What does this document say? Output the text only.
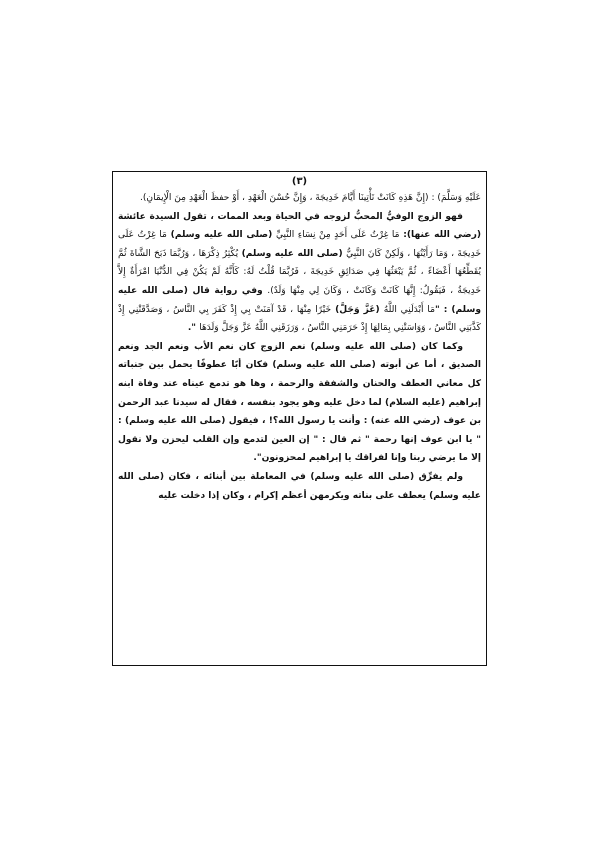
(٣)

عَلَيْهِ وَسَلَّمَ) : (إِنَّ هَذِهِ كَانَتْ تَأْتِينَا أَيَّامَ خَدِيجَةَ ، وَإِنَّ حُسْنَ الْعَهْدِ ، أَوْ حفظَ الْعَهْدِ مِنَ الْإِيمَانِ).

فهو الزوج الوفيُّ المحبُّ لزوجه في الحياة وبعد الممات ، تقول السيدة عائشة (رضي الله عنها): مَا غِرْتُ عَلَى أَحَدٍ مِنْ نِسَاءِ النَّبِيِّ (صلى الله عليه وسلم) مَا غِرْتُ عَلَى خَدِيجَةَ ، وَمَا رَأَيْتُهَا ، وَلَكِنْ كَانَ النَّبِيُّ (صلى الله عليه وسلم) يُكْثِرُ ذِكْرَهَا ، وَرُبَّمَا ذَبَحَ الشَّاةَ ثُمَّ يُقَطِّعُهَا أَعْضَاءً ، ثُمَّ يَبْعَثُهَا فِي صَدَائِقِ خَدِيجَةَ ، فَرُبَّمَا قُلْتُ لَهُ: كَأَنَّهُ لَمْ يَكُنْ فِي الدُّنْيَا امْرَأَةٌ إِلاَّ خَدِيجَةُ ، فَيَقُولُ: إِنَّهَا كَانَتْ وَكَانَتْ ، وَكَانَ لِي مِنْهَا وَلَدٌ). وفي رواية قال (صلى الله عليه وسلم) : "مَا أَبْدَلَنِي اللَّهُ (عَزَّ وَجَلَّ) خَيْرًا مِنْهَا ، قَدْ آمَنَتْ بِي إِذْ كَفَرَ بِي النَّاسُ ، وَصَدَّقَتْنِي إِذْ كَذَّبَنِي النَّاسُ ، وَوَاسَتْنِي بِمَالِهَا إِذْ حَرَمَنِي النَّاسُ ، وَرَزَقَنِي اللَّهُ عَزَّ وَجَلَّ وَلَدَهَا ".

وكما كان (صلى الله عليه وسلم) نعم الزوج كان نعم الأب ونعم الجد ونعم الصديق ، أما عن أبوته (صلى الله عليه وسلم) فكان أبًا عطوفًا يحمل بين جنباته كل معاني العطف والحنان والشفقة والرحمة ، وها هو تدمع عيناه عند وفاة ابنه إبراهيم (عليه السلام) لما دخل عليه وهو يجود بنفسه ، فقال له سيدنا عبد الرحمن بن عوف (رضي الله عنه) : وأنت يا رسول الله؟! ، فيقول (صلى الله عليه وسلم) : " يا ابن عوف إنها رحمة " ثم قال : " إن العين لتدمع وإن القلب ليحزن ولا نقول إلا ما يرضي ربنا وإنا لفراقك يا إبراهيم لمحزونون".

ولم يفرِّق (صلى الله عليه وسلم) في المعاملة بين أبنائه ، فكان (صلى الله عليه وسلم) يعطف على بناته ويكرمهن أعظم إكرام ، وكان إذا دخلت عليه
